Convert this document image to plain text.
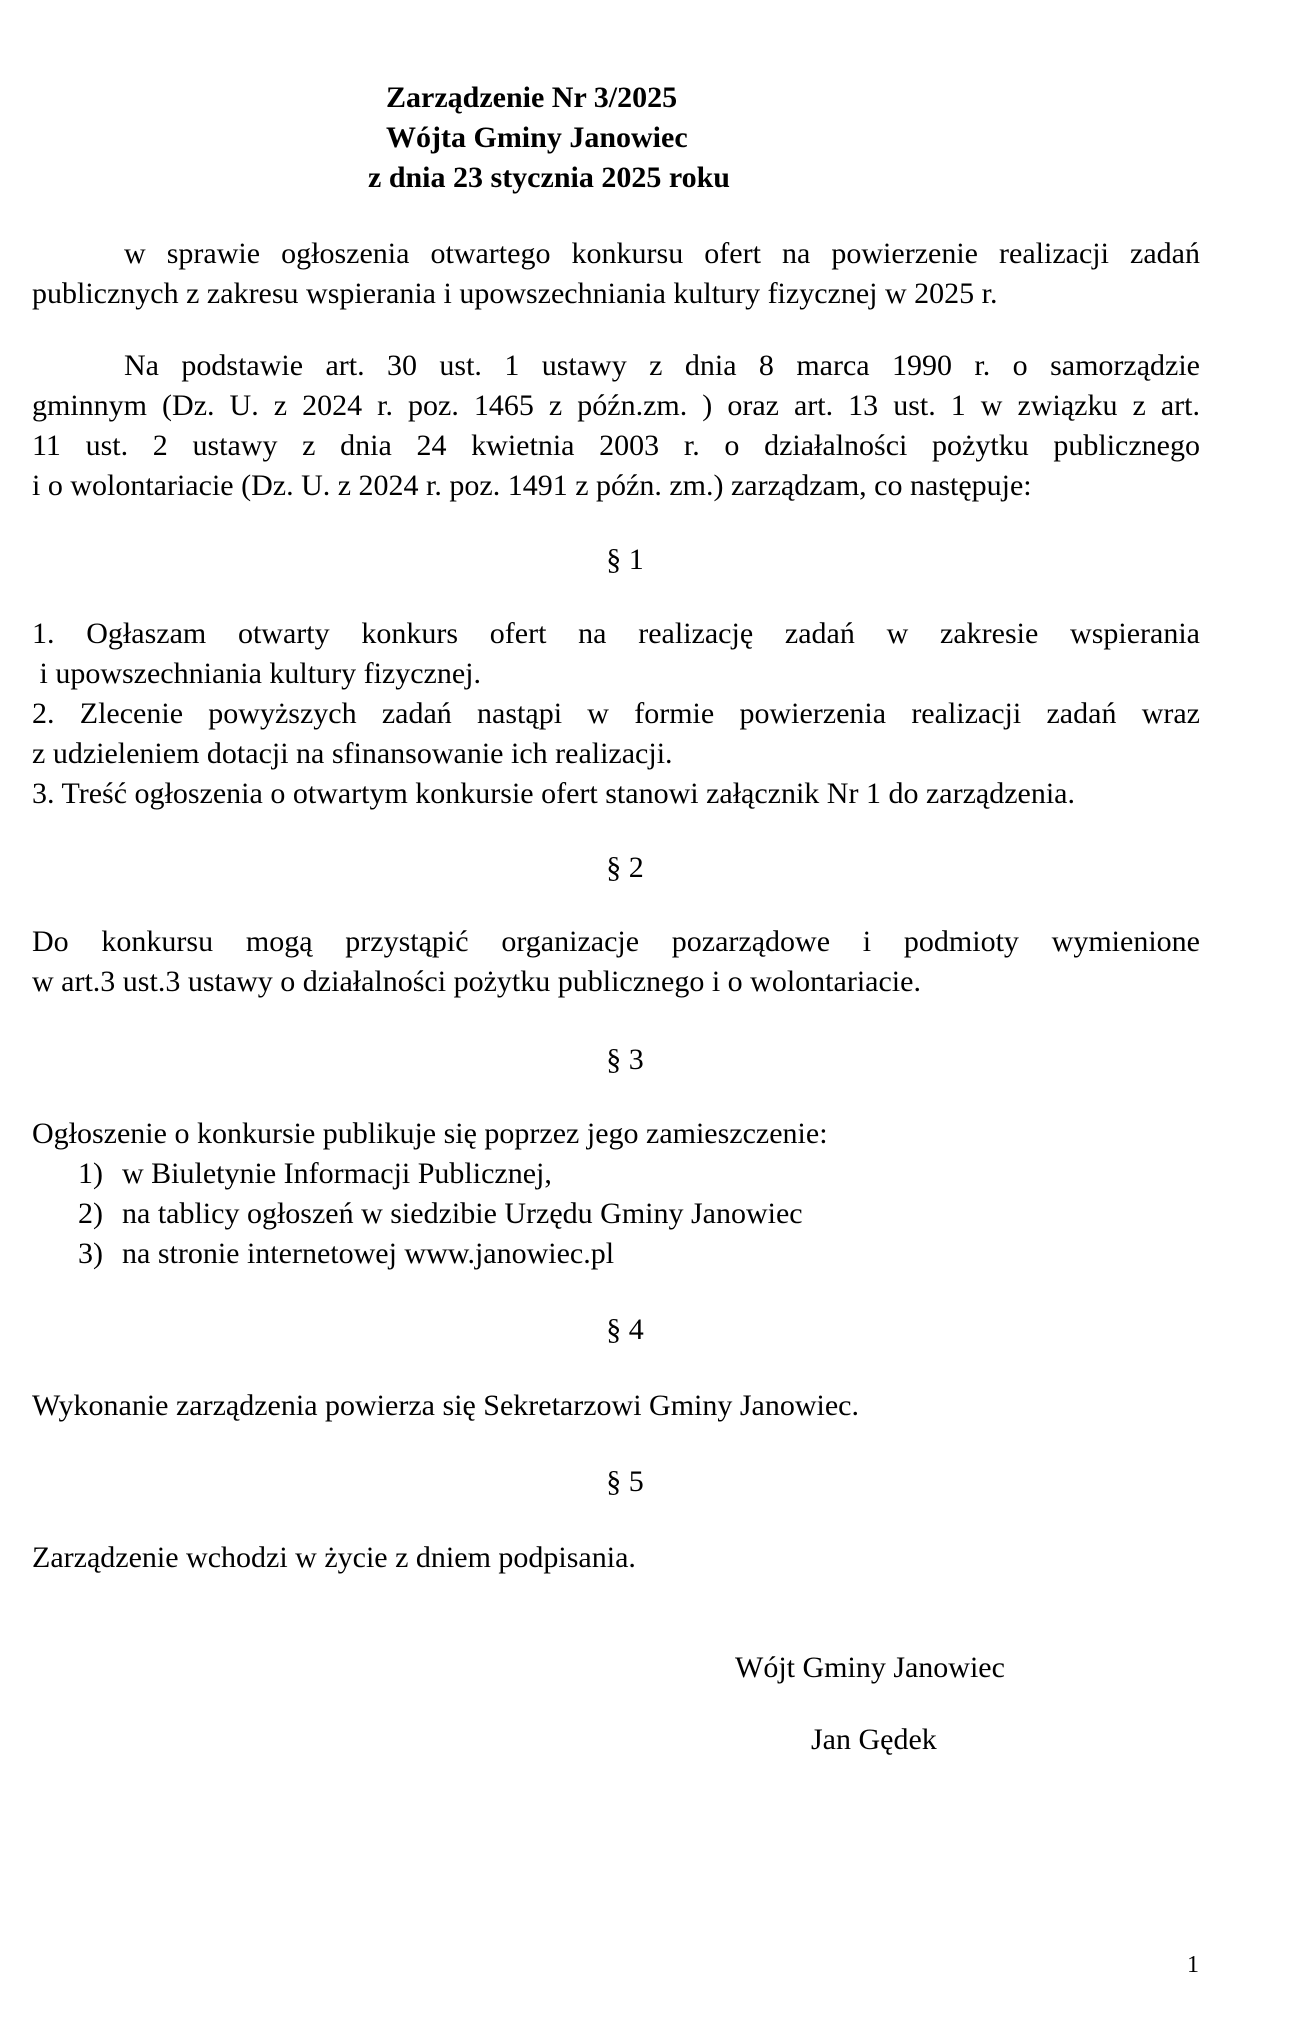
Zarządzenie Nr 3/2025
Wójta Gminy Janowiec
z dnia 23 stycznia 2025 roku
w sprawie ogłoszenia otwartego konkursu ofert na powierzenie realizacji zadań
publicznych z zakresu wspierania i upowszechniania kultury fizycznej w 2025 r.
Na podstawie art. 30 ust. 1 ustawy z dnia 8 marca 1990 r. o samorządzie
gminnym (Dz. U. z 2024 r. poz. 1465 z późn.zm. ) oraz art. 13 ust. 1 w związku z art.
11 ust. 2 ustawy z dnia 24 kwietnia 2003 r. o działalności pożytku publicznego
i o wolontariacie (Dz. U. z 2024 r. poz. 1491 z późn. zm.) zarządzam, co następuje:
§ 1
1. Ogłaszam otwarty konkurs ofert na realizację zadań w zakresie wspierania
i upowszechniania kultury fizycznej.
2. Zlecenie powyższych zadań nastąpi w formie powierzenia realizacji zadań wraz
z udzieleniem dotacji na sfinansowanie ich realizacji.
3. Treść ogłoszenia o otwartym konkursie ofert stanowi załącznik Nr 1 do zarządzenia.
§ 2
Do konkursu mogą przystąpić organizacje pozarządowe i podmioty wymienione
w art.3 ust.3 ustawy o działalności pożytku publicznego i o wolontariacie.
§ 3
Ogłoszenie o konkursie publikuje się poprzez jego zamieszczenie:
1) w Biuletynie Informacji Publicznej,
2) na tablicy ogłoszeń w siedzibie Urzędu Gminy Janowiec
3) na stronie internetowej www.janowiec.pl
§ 4
Wykonanie zarządzenia powierza się Sekretarzowi Gminy Janowiec.
§ 5
Zarządzenie wchodzi w życie z dniem podpisania.
Wójt Gminy Janowiec
Jan Gędek
1
